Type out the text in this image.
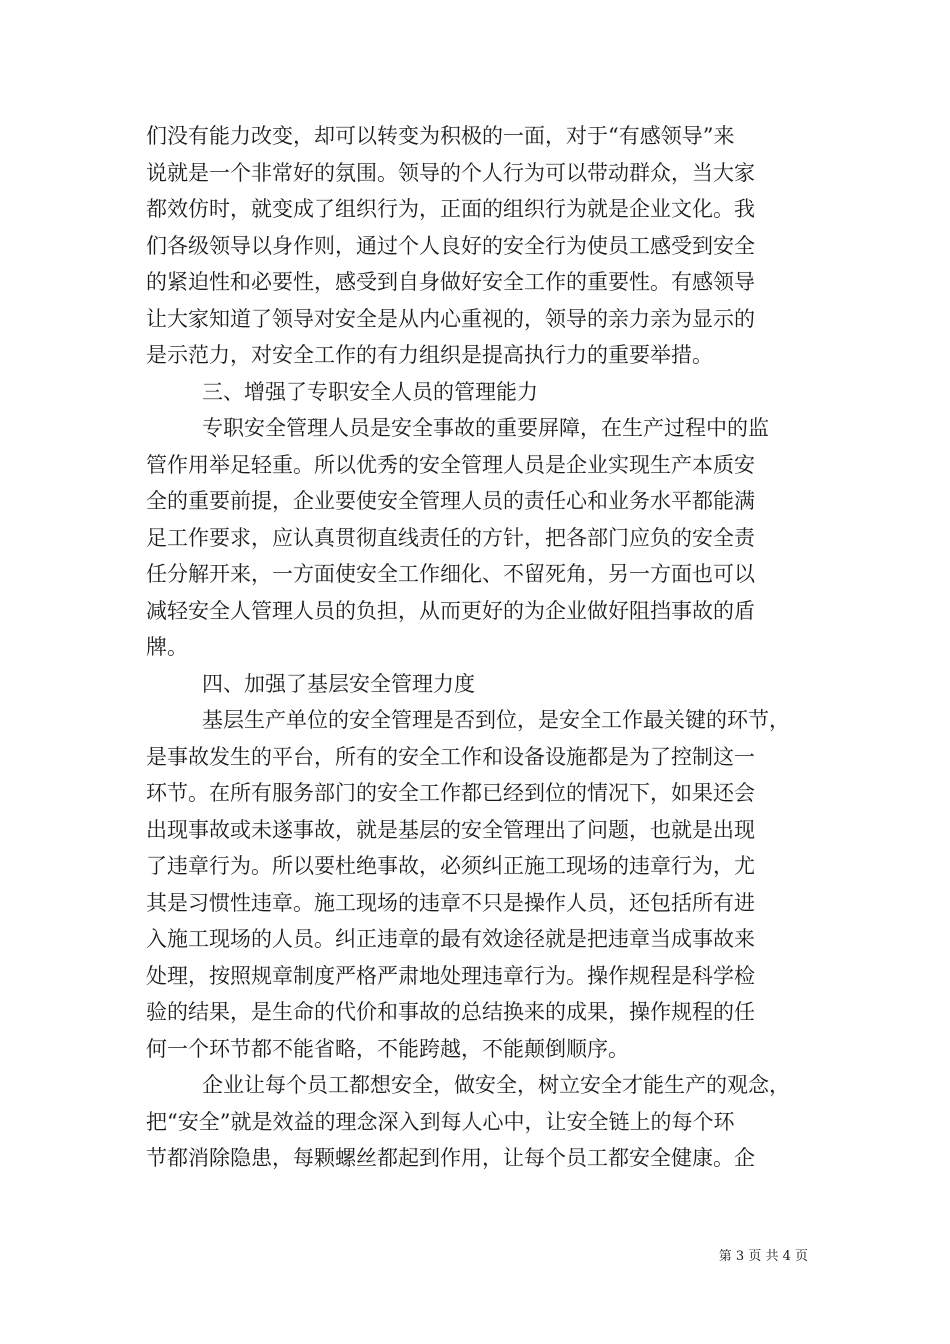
们没有能力改变，却可以转变为积极的一面，对于“有感领导”来

说就是一个非常好的氛围。领导的个人行为可以带动群众，当大家

都效仿时，就变成了组织行为，正面的组织行为就是企业文化。我

们各级领导以身作则，通过个人良好的安全行为使员工感受到安全

的紧迫性和必要性，感受到自身做好安全工作的重要性。有感领导

让大家知道了领导对安全是从内心重视的，领导的亲力亲为显示的

是示范力，对安全工作的有力组织是提高执行力的重要举措。

三、增强了专职安全人员的管理能力

专职安全管理人员是安全事故的重要屏障，在生产过程中的监

管作用举足轻重。所以优秀的安全管理人员是企业实现生产本质安

全的重要前提，企业要使安全管理人员的责任心和业务水平都能满

足工作要求，应认真贯彻直线责任的方针，把各部门应负的安全责

任分解开来，一方面使安全工作细化、不留死角，另一方面也可以

减轻安全人管理人员的负担，从而更好的为企业做好阻挡事故的盾

牌。

四、加强了基层安全管理力度

基层生产单位的安全管理是否到位，是安全工作最关键的环节，

是事故发生的平台，所有的安全工作和设备设施都是为了控制这一

环节。在所有服务部门的安全工作都已经到位的情况下，如果还会

出现事故或未遂事故，就是基层的安全管理出了问题，也就是出现

了违章行为。所以要杜绝事故，必须纠正施工现场的违章行为，尤

其是习惯性违章。施工现场的违章不只是操作人员，还包括所有进

入施工现场的人员。纠正违章的最有效途径就是把违章当成事故来

处理，按照规章制度严格严肃地处理违章行为。操作规程是科学检

验的结果，是生命的代价和事故的总结换来的成果，操作规程的任

何一个环节都不能省略，不能跨越，不能颠倒顺序。

企业让每个员工都想安全，做安全，树立安全才能生产的观念，

把“安全”就是效益的理念深入到每人心中，让安全链上的每个环

节都消除隐患，每颗螺丝都起到作用，让每个员工都安全健康。企

第 3 页 共 4 页
